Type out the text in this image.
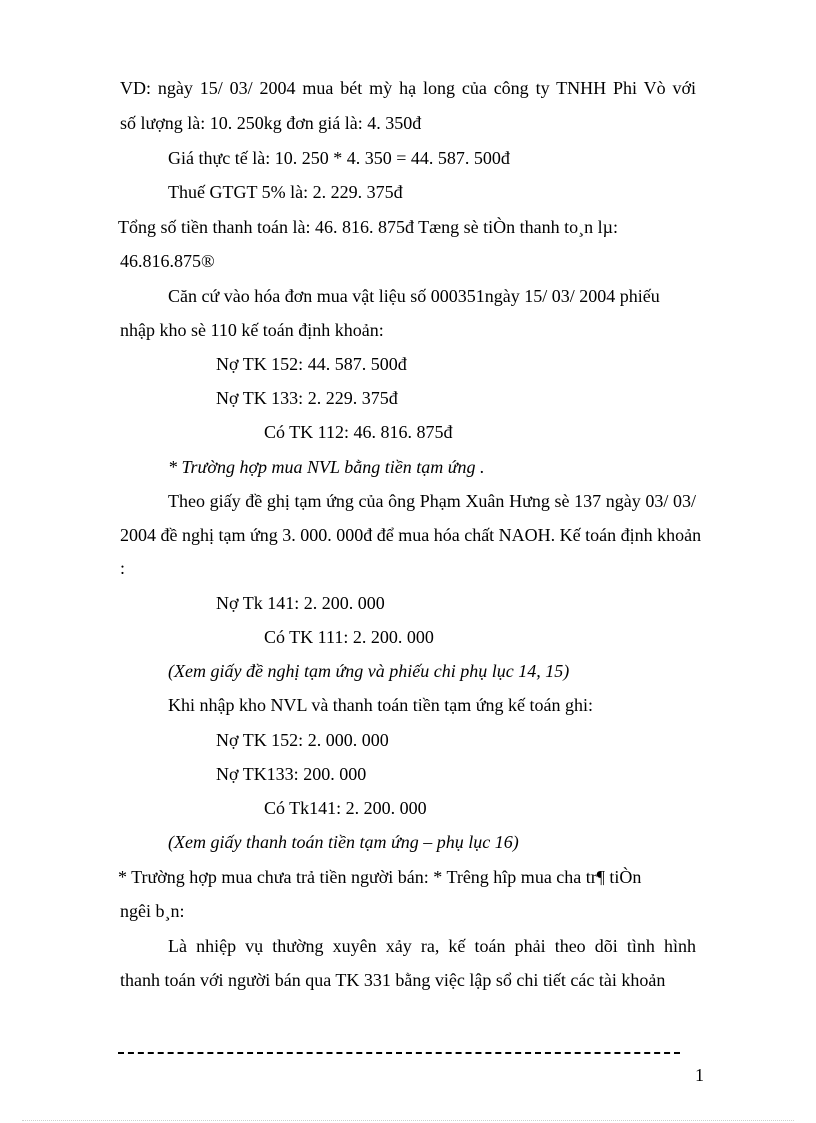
VD: ngày 15/ 03/ 2004 mua bét mỳ hạ long của công ty TNHH Phi Vò với
số lượng là: 10. 250kg đơn giá là: 4. 350đ
Giá thực tế là: 10. 250 * 4. 350 = 44. 587. 500đ
Thuế GTGT 5% là: 2. 229. 375đ
Tổng số tiền thanh toán là: 46. 816. 875đ Tæng sè tiÒn thanh to¸n lµ:
46.816.875®
Căn cứ vào hóa đơn mua vật liệu số 000351ngày 15/ 03/ 2004 phiếu
nhập kho sè 110 kế toán định khoản:
Nợ TK 152: 44. 587. 500đ
Nợ TK 133: 2. 229. 375đ
Có TK 112: 46. 816. 875đ
* Trường hợp mua NVL bằng tiền tạm ứng .
Theo giấy đề ghị tạm ứng của ông Phạm Xuân Hưng sè 137 ngày 03/ 03/
2004 đề nghị tạm ứng 3. 000. 000đ để mua hóa chất NAOH. Kế toán định khoản
:
Nợ Tk 141: 2. 200. 000
Có TK 111: 2. 200. 000
(Xem giấy đề nghị tạm ứng và phiếu chi phụ lục 14, 15)
Khi nhập kho NVL và thanh toán tiền tạm ứng kế toán ghi:
Nợ TK 152: 2. 000. 000
Nợ TK133: 200. 000
Có Tk141: 2. 200. 000
(Xem giấy thanh toán tiền tạm ứng – phụ lục 16)
* Trường hợp mua chưa trả tiền người bán: * Trêng hîp mua cha tr¶ tiÒn
ngêi b¸n:
Là nhiệp vụ thường xuyên xảy ra, kế toán phải theo dõi tình hình
thanh toán với người bán qua TK 331 bằng việc lập sổ chi tiết các tài khoản
1
